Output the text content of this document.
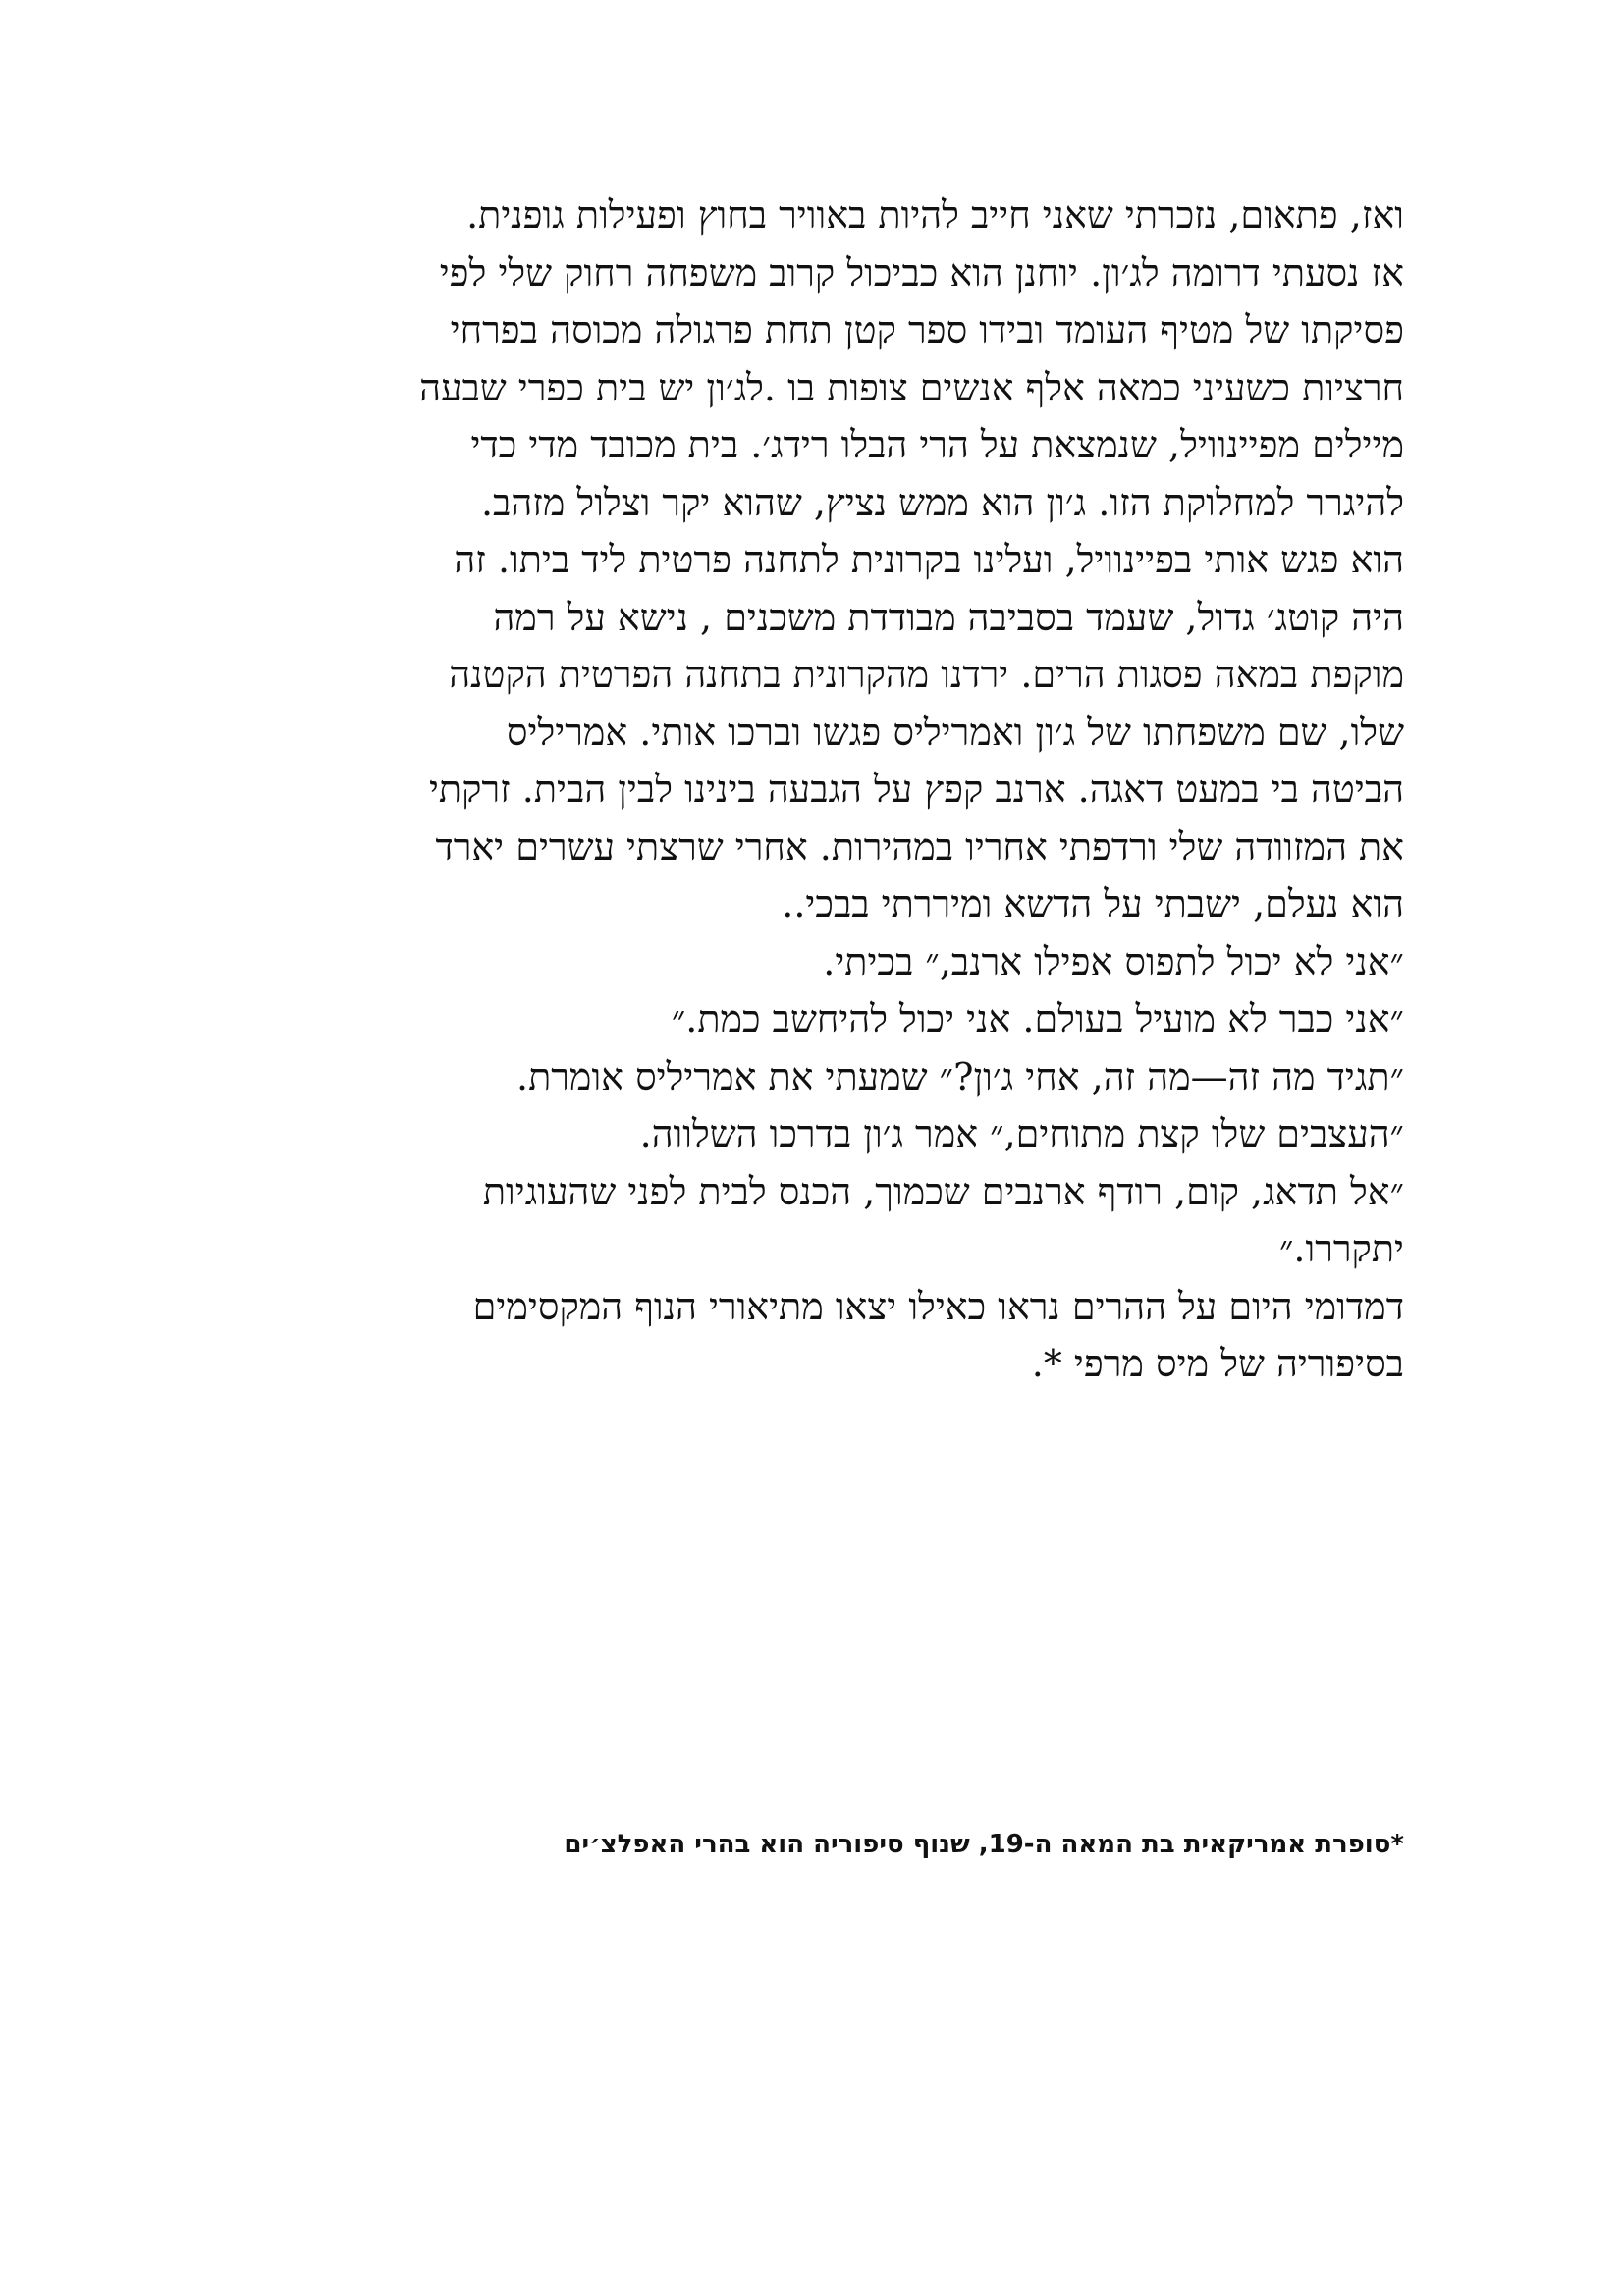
ואז, פתאום, נזכרתי שאני חייב להיות באוויר בחוץ ופעילות גופנית.
אז נסעתי דרומה לג׳ון. יוחנן הוא כביכול קרוב משפחה רחוק שלי לפי
פסיקתו של מטיף העומד ובידו ספר קטן תחת פרגולה מכוסה בפרחי
חרציות כשעיני כמאה אלף אנשים צופות בו .לג׳ון יש בית כפרי שבעה
מיילים מפיינוויל, שנמצאת על הרי הבלו רידג׳. בית מכובד מדי כדי
להיגרר למחלוקת הזו. ג׳ון הוא ממש נציץ, שהוא יקר וצלול מזהב.
הוא פגש אותי בפיינוויל, ועלינו בקרונית לתחנה פרטית ליד ביתו. זה
היה קוטג׳ גדול, שעמד בסביבה מבודדת משכנים , נישא על רמה
מוקפת במאה פסגות הרים. ירדנו מהקרונית בתחנה הפרטית הקטנה
שלו, שם משפחתו של ג׳ון ואמריליס פגשו וברכו אותי. אמריליס
הביטה בי במעט דאגה. ארנב קפץ על הגבעה בינינו לבין הבית. זרקתי
את המזוודה שלי ורדפתי אחריו במהירות. אחרי שרצתי עשרים יארד
הוא נעלם, ישבתי על הדשא ומיררתי בבכי..
״אני לא יכול לתפוס אפילו ארנב,״ בכיתי.
״אני כבר לא מועיל בעולם. אני יכול להיחשב כמת.״
״תגיד מה זה—מה זה, אחי ג׳ון?״ שמעתי את אמריליס אומרת.
״העצבים שלו קצת מתוחים,״ אמר ג׳ון בדרכו השלווה.
״אל תדאג, קום, רודף ארנבים שכמוך, הכנס לבית לפני שהעוגיות
יתקררו.״
דמדומי היום על ההרים נראו כאילו יצאו מתיאורי הנוף המקסימים
בסיפוריה של מיס מרפי *.
*סופרת אמריקאית בת המאה ה-19, שנוף סיפוריה הוא בהרי האפלצ׳ים
